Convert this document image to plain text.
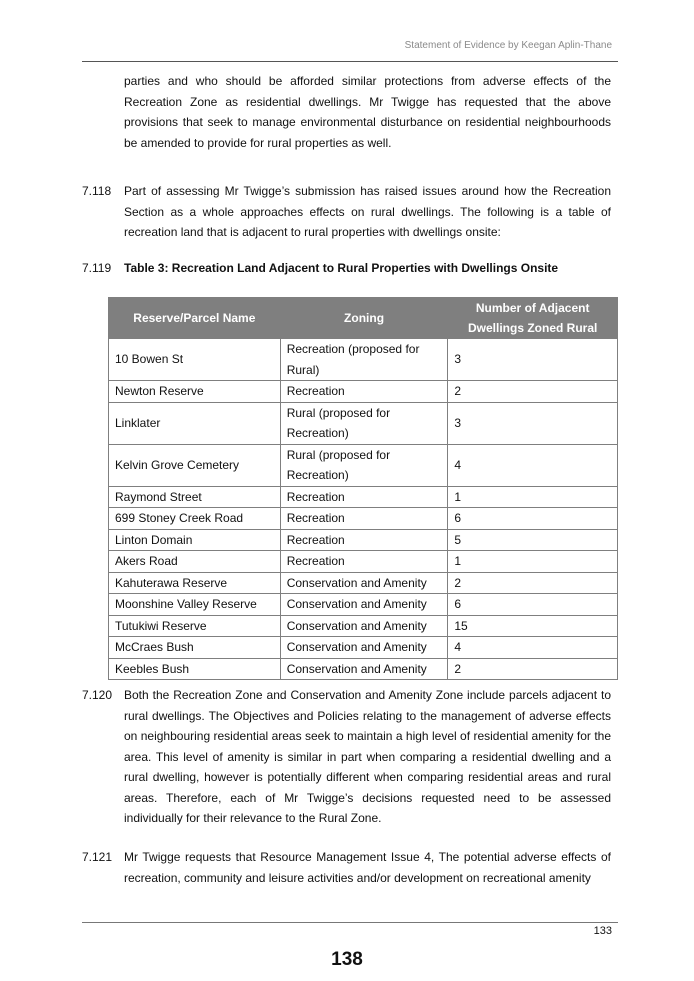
Statement of Evidence by Keegan Aplin-Thane

parties and who should be afforded similar protections from adverse effects of the Recreation Zone as residential dwellings. Mr Twigge has requested that the above provisions that seek to manage environmental disturbance on residential neighbourhoods be amended to provide for rural properties as well.

7.118 Part of assessing Mr Twigge’s submission has raised issues around how the Recreation Section as a whole approaches effects on rural dwellings. The following is a table of recreation land that is adjacent to rural properties with dwellings onsite:

7.119 Table 3: Recreation Land Adjacent to Rural Properties with Dwellings Onsite
Reserve/Parcel Name	Zoning	Number of Adjacent Dwellings Zoned Rural
10 Bowen St	Recreation (proposed for Rural)	3
Newton Reserve	Recreation	2
Linklater	Rural (proposed for Recreation)	3
Kelvin Grove Cemetery	Rural (proposed for Recreation)	4
Raymond Street	Recreation	1
699 Stoney Creek Road	Recreation	6
Linton Domain	Recreation	5
Akers Road	Recreation	1
Kahuterawa Reserve	Conservation and Amenity	2
Moonshine Valley Reserve	Conservation and Amenity	6
Tutukiwi Reserve	Conservation and Amenity	15
McCraes Bush	Conservation and Amenity	4
Keebles Bush	Conservation and Amenity	2
7.120 Both the Recreation Zone and Conservation and Amenity Zone include parcels adjacent to rural dwellings. The Objectives and Policies relating to the management of adverse effects on neighbouring residential areas seek to maintain a high level of residential amenity for the area. This level of amenity is similar in part when comparing a residential dwelling and a rural dwelling, however is potentially different when comparing residential areas and rural areas. Therefore, each of Mr Twigge’s decisions requested need to be assessed individually for their relevance to the Rural Zone.

7.121 Mr Twigge requests that Resource Management Issue 4, The potential adverse effects of recreation, community and leisure activities and/or development on recreational amenity

133
138
